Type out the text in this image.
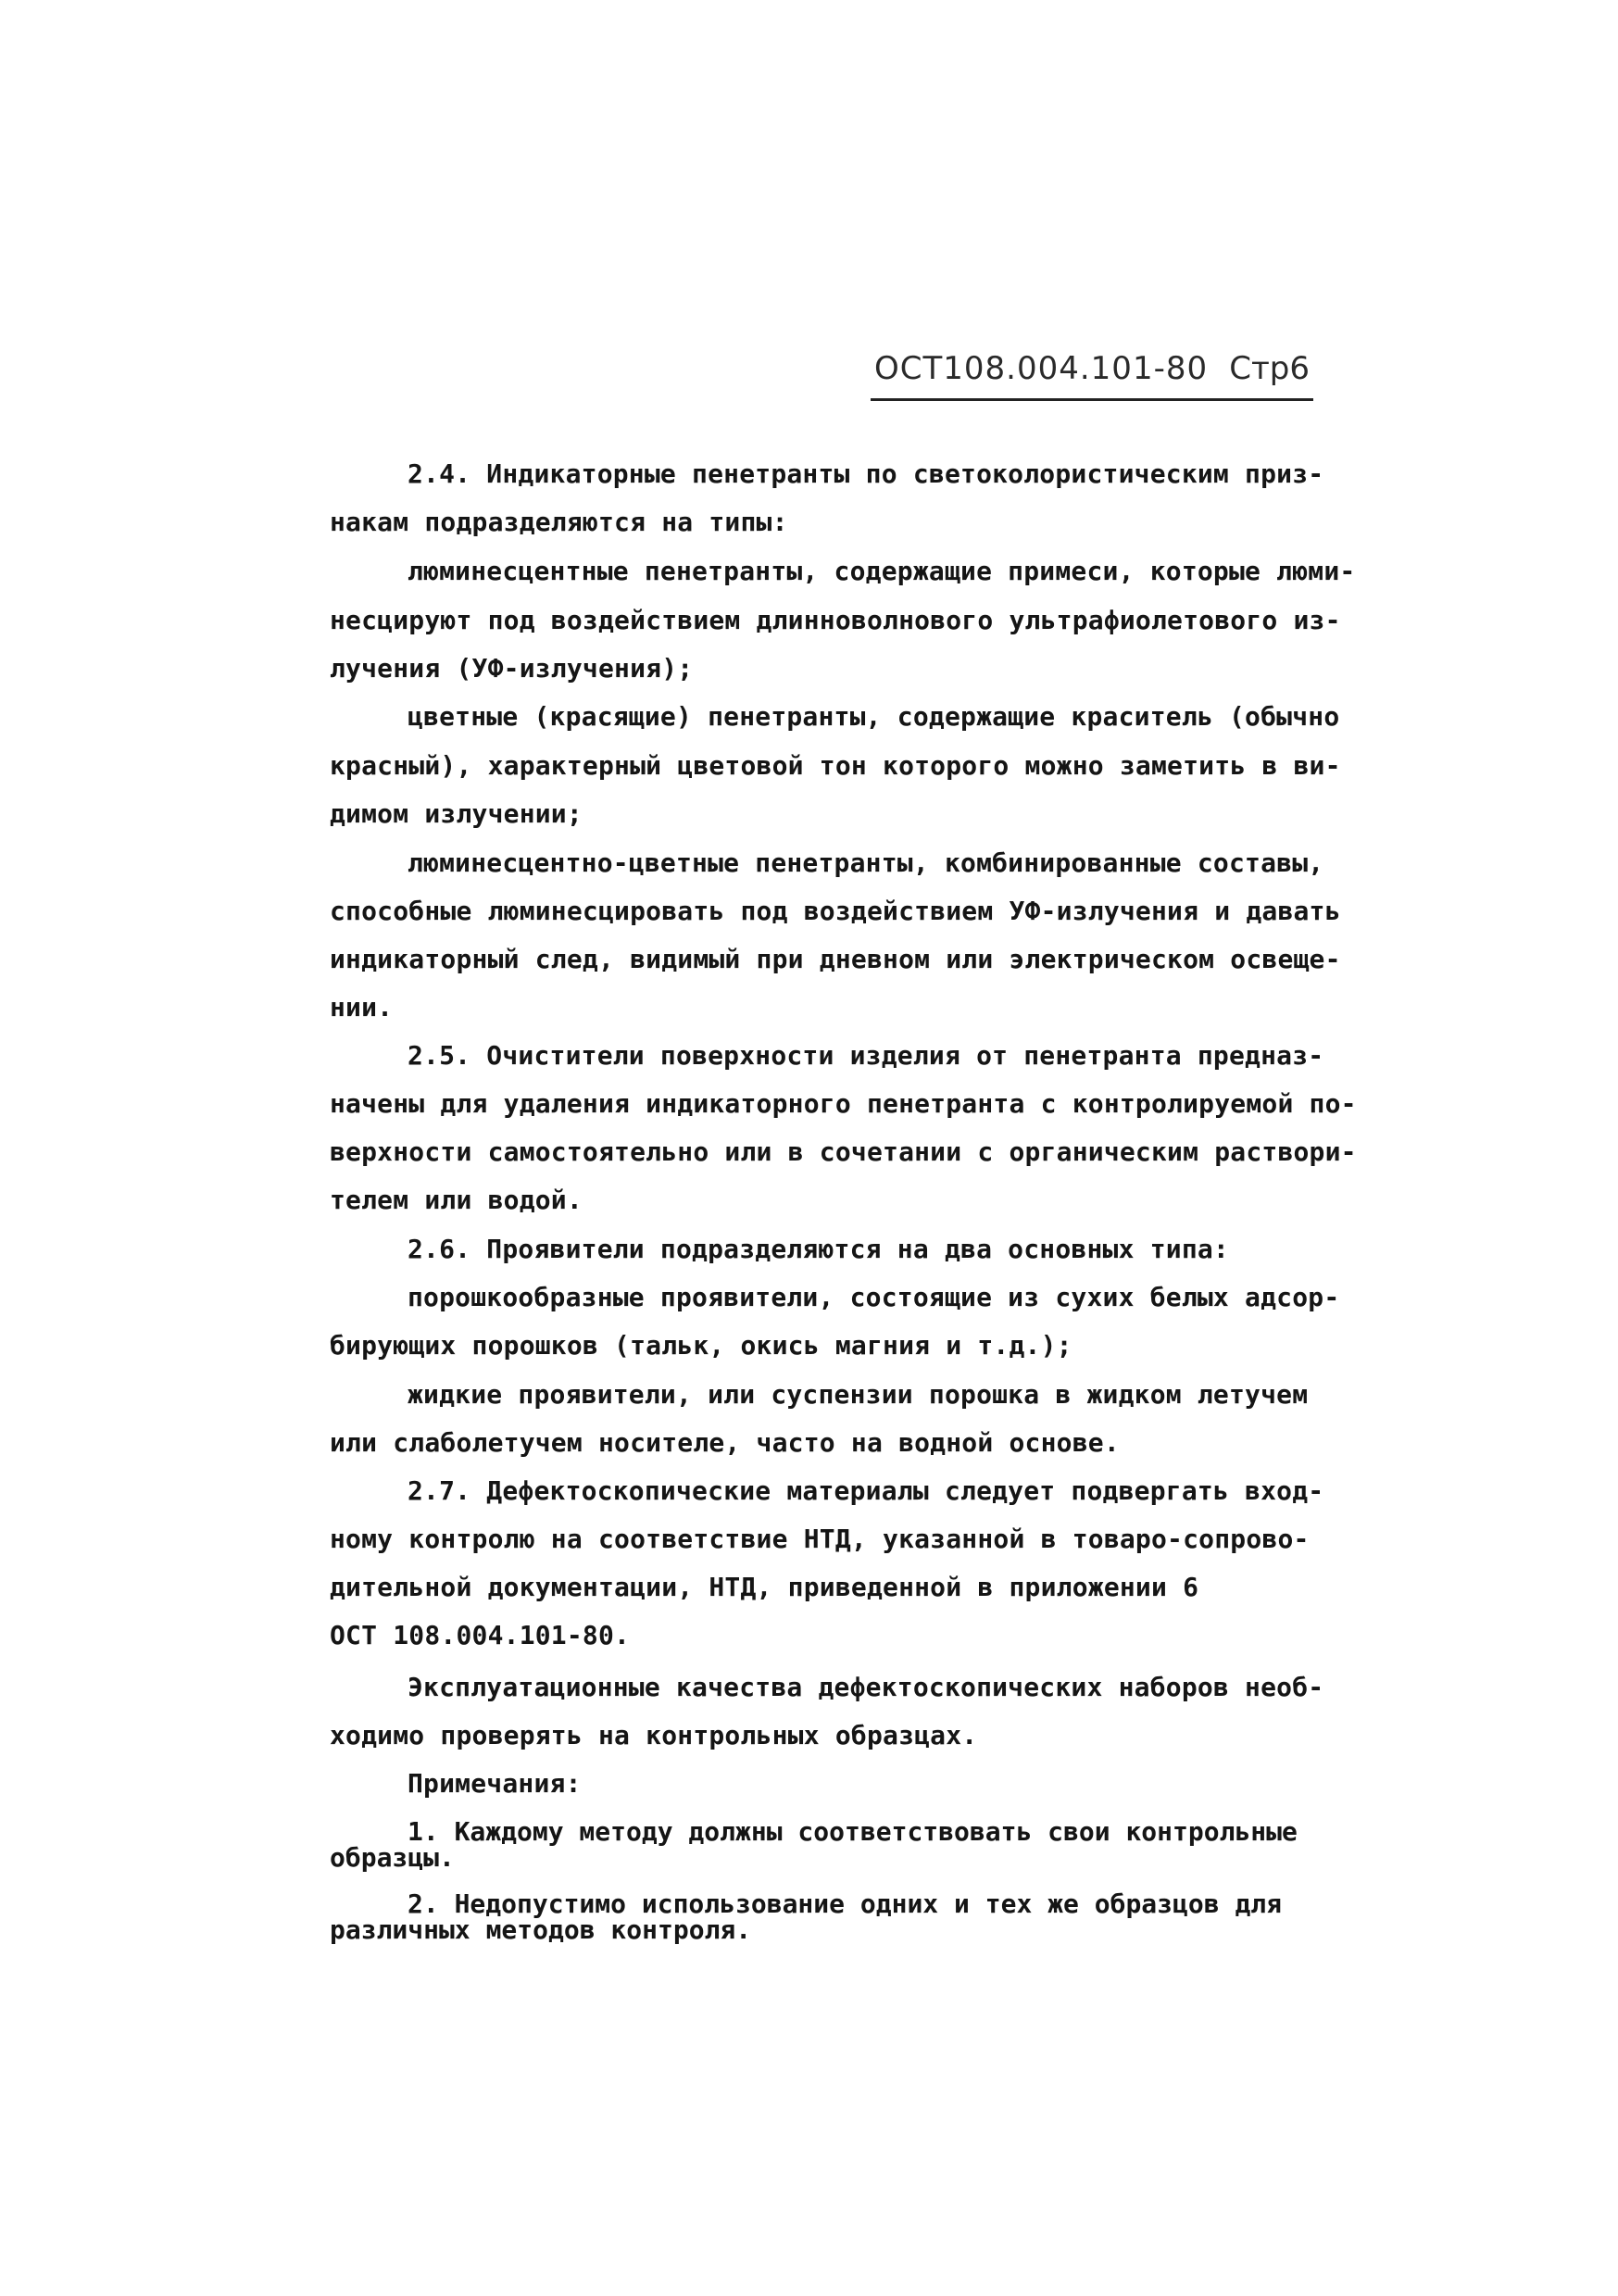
ОСТ108.004.101-80 Стр6
2.4. Индикаторные пенетранты по светоколористическим приз-
накам подразделяются на типы:
люминесцентные пенетранты, содержащие примеси, которые люми-
несцируют под воздействием длинноволнового ультрафиолетового из-
лучения (УФ-излучения);
цветные (красящие) пенетранты, содержащие краситель (обычно
красный), характерный цветовой тон которого можно заметить в ви-
димом излучении;
люминесцентно-цветные пенетранты, комбинированные составы,
способные люминесцировать под воздействием УФ-излучения и давать
индикаторный след, видимый при дневном или электрическом освеще-
нии.
2.5. Очистители поверхности изделия от пенетранта предназ-
начены для удаления индикаторного пенетранта с контролируемой по-
верхности самостоятельно или в сочетании с органическим раствори-
телем или водой.
2.6. Проявители подразделяются на два основных типа:
порошкообразные проявители, состоящие из сухих белых адсор-
бирующих порошков (тальк, окись магния и т.д.);
жидкие проявители, или суспензии порошка в жидком летучем
или слаболетучем носителе, часто на водной основе.
2.7. Дефектоскопические материалы следует подвергать вход-
ному контролю на соответствие НТД, указанной в товаро-сопрово-
дительной документации, НТД, приведенной в приложении 6
ОСТ 108.004.101-80.
Эксплуатационные качества дефектоскопических наборов необ-
ходимо проверять на контрольных образцах.
Примечания:
1. Каждому методу должны соответствовать свои контрольные
образцы.
2. Недопустимо использование одних и тех же образцов для
различных методов контроля.
